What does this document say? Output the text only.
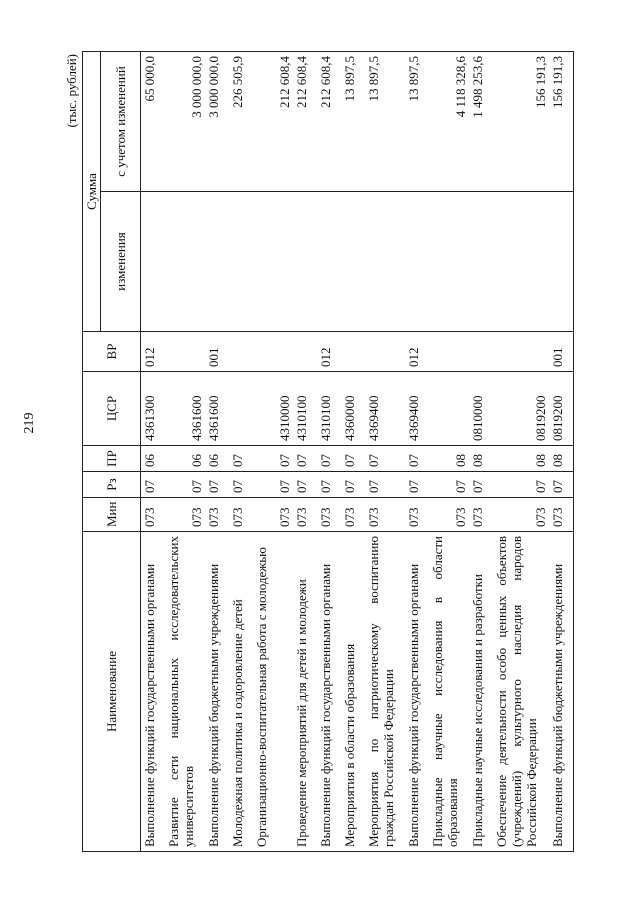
219
(тыс. рублей)
Наименование	Мин	Рз	ПР	ЦСР	ВР	Сумма	
						изменения	с учетом изменений
Выполнение функций государственными органами	073	07	06	4361300	012		65 000,0
Развитие сети национальных исследовательских университетов	073	07	06	4361600			3 000 000,0
Выполнение функций бюджетными учреждениями	073	07	06	4361600	001		3 000 000,0
Молодежная политика и оздоровление детей	073	07	07				226 505,9
Организационно-воспитательная работа с молодежью	073	07	07	4310000			212 608,4
Проведение мероприятий для детей и молодежи	073	07	07	4310100			212 608,4
Выполнение функций государственными органами	073	07	07	4310100	012		212 608,4
Мероприятия в области образования	073	07	07	4360000			13 897,5
Мероприятия по патриотическому воспитанию граждан Российской Федерации	073	07	07	4369400			13 897,5
Выполнение функций государственными органами	073	07	07	4369400	012		13 897,5
Прикладные научные исследования в области образования	073	07	08				4 118 328,6
Прикладные научные исследования и разработки	073	07	08	0810000			1 498 253,6
Обеспечение деятельности особо ценных объектов (учреждений) культурного наследия народов Российской Федерации	073	07	08	0819200			156 191,3
Выполнение функций бюджетными учреждениями	073	07	08	0819200	001		156 191,3
